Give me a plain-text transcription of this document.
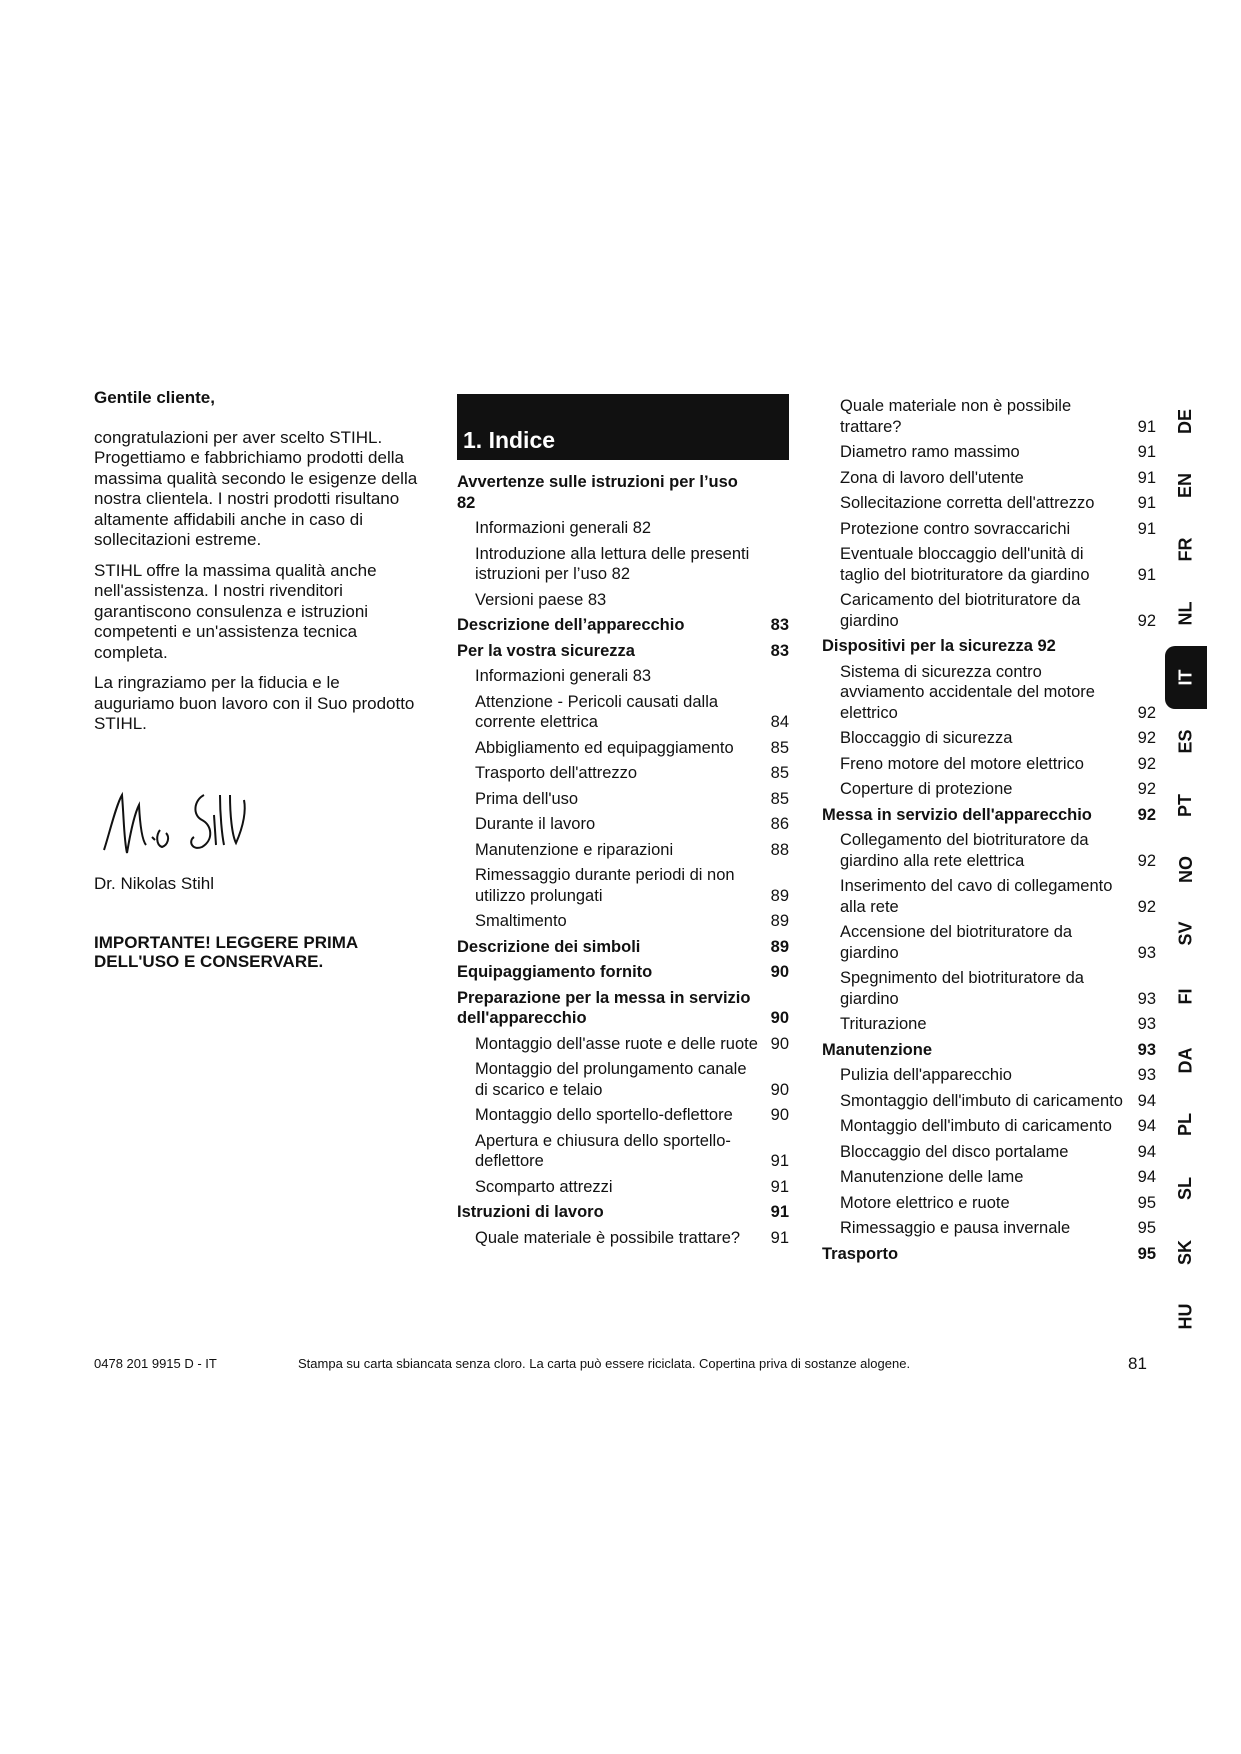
Gentile cliente,

congratulazioni per aver scelto STIHL. Progettiamo e fabbrichiamo prodotti della massima qualità secondo le esigenze della nostra clientela. I nostri prodotti risultano altamente affidabili anche in caso di sollecitazioni estreme.

STIHL offre la massima qualità anche nell'assistenza. I nostri rivenditori garantiscono consulenza e istruzioni competenti e un'assistenza tecnica completa.

La ringraziamo per la fiducia e le auguriamo buon lavoro con il Suo prodotto STIHL.

Dr. Nikolas Stihl

IMPORTANTE! LEGGERE PRIMA DELL'USO E CONSERVARE.

1. Indice
Avvertenze sulle istruzioni per l’uso 82
Informazioni generali 82
Introduzione alla lettura delle presenti istruzioni per l’uso 82
Versioni paese 83
Descrizione dell’apparecchio	83
Per la vostra sicurezza	83
Informazioni generali 83
Attenzione - Pericoli causati dalla corrente elettrica	84
Abbigliamento ed equipaggiamento	85
Trasporto dell'attrezzo	85
Prima dell'uso	85
Durante il lavoro	86
Manutenzione e riparazioni	88
Rimessaggio durante periodi di non utilizzo prolungati	89
Smaltimento	89
Descrizione dei simboli	89
Equipaggiamento fornito	90
Preparazione per la messa in servizio dell'apparecchio	90
Montaggio dell'asse ruote e delle ruote 90
Montaggio del prolungamento canale di scarico e telaio	90
Montaggio dello sportello-deflettore	90
Apertura e chiusura dello sportello-deflettore	91
Scomparto attrezzi	91
Istruzioni di lavoro	91
Quale materiale è possibile trattare?	91
Quale materiale non è possibile trattare?	91
Diametro ramo massimo	91
Zona di lavoro dell'utente	91
Sollecitazione corretta dell'attrezzo	91
Protezione contro sovraccarichi	91
Eventuale bloccaggio dell'unità di taglio del biotrituratore da giardino	91
Caricamento del biotrituratore da giardino	92
Dispositivi per la sicurezza 92
Sistema di sicurezza contro avviamento accidentale del motore elettrico	92
Bloccaggio di sicurezza	92
Freno motore del motore elettrico	92
Coperture di protezione	92
Messa in servizio dell'apparecchio	92
Collegamento del biotrituratore da giardino alla rete elettrica	92
Inserimento del cavo di collegamento alla rete	92
Accensione del biotrituratore da giardino	93
Spegnimento del biotrituratore da giardino	93
Triturazione	93
Manutenzione	93
Pulizia dell'apparecchio	93
Smontaggio dell'imbuto di caricamento 94
Montaggio dell'imbuto di caricamento	94
Bloccaggio del disco portalame	94
Manutenzione delle lame	94
Motore elettrico e ruote	95
Rimessaggio e pausa invernale	95
Trasporto	95
DE
EN
FR
NL
IT
ES
PT
NO
SV
FI
DA
PL
SL
SK
HU
0478 201 9915 D - IT	Stampa su carta sbiancata senza cloro. La carta può essere riciclata. Copertina priva di sostanze alogene.	81
